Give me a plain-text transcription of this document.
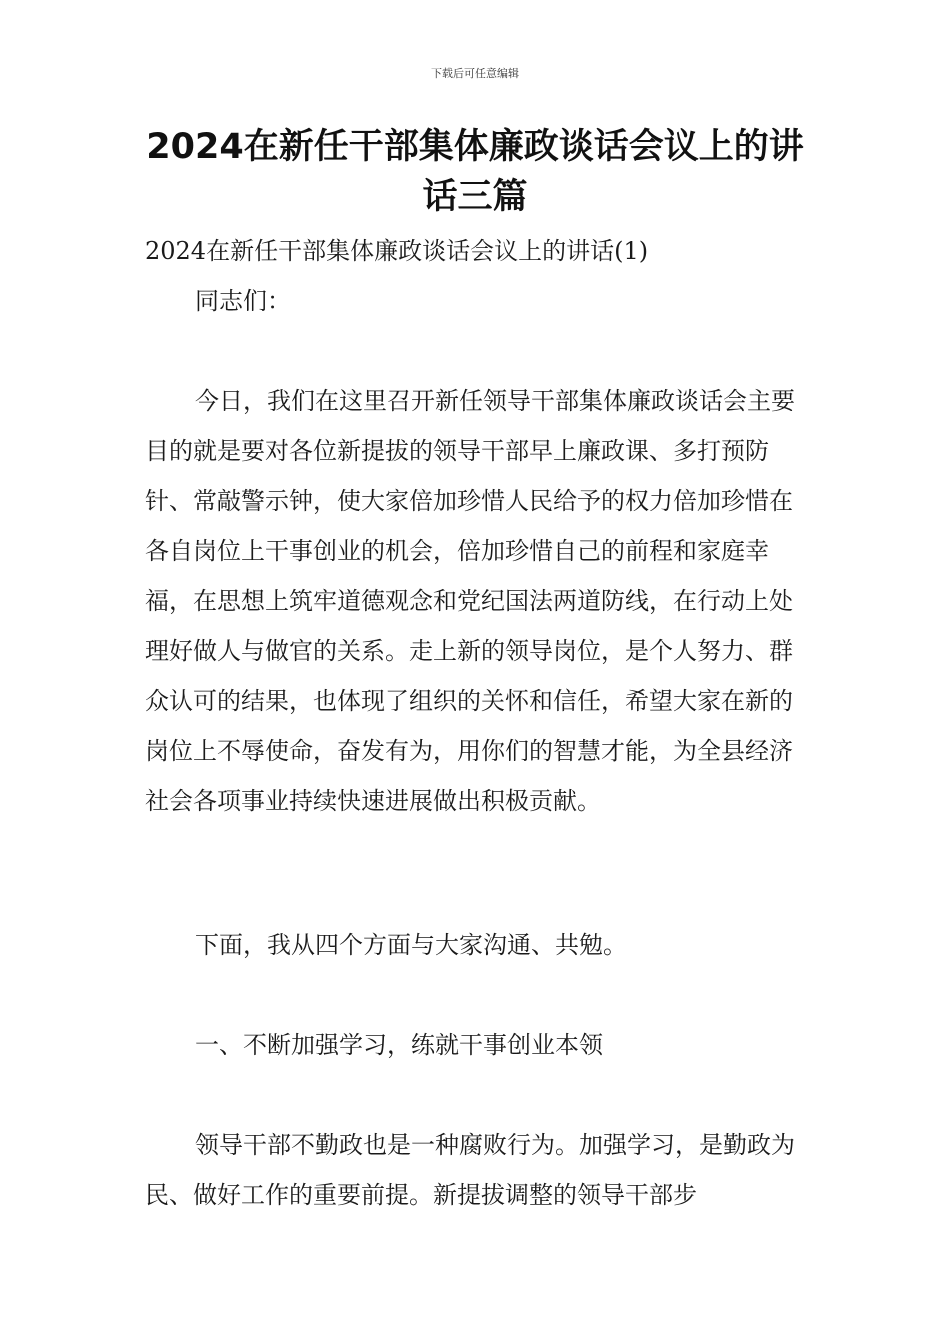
下载后可任意编辑
2024在新任干部集体廉政谈话会议上的讲话三篇

2024在新任干部集体廉政谈话会议上的讲话(1)

同志们：

今日，我们在这里召开新任领导干部集体廉政谈话会主要目的就是要对各位新提拔的领导干部早上廉政课、多打预防针、常敲警示钟，使大家倍加珍惜人民给予的权力倍加珍惜在各自岗位上干事创业的机会，倍加珍惜自己的前程和家庭幸福，在思想上筑牢道德观念和党纪国法两道防线，在行动上处理好做人与做官的关系。走上新的领导岗位，是个人努力、群众认可的结果，也体现了组织的关怀和信任，希望大家在新的岗位上不辱使命，奋发有为，用你们的智慧才能，为全县经济社会各项事业持续快速进展做出积极贡献。

下面，我从四个方面与大家沟通、共勉。

一、不断加强学习，练就干事创业本领

领导干部不勤政也是一种腐败行为。加强学习，是勤政为民、做好工作的重要前提。新提拔调整的领导干部步
